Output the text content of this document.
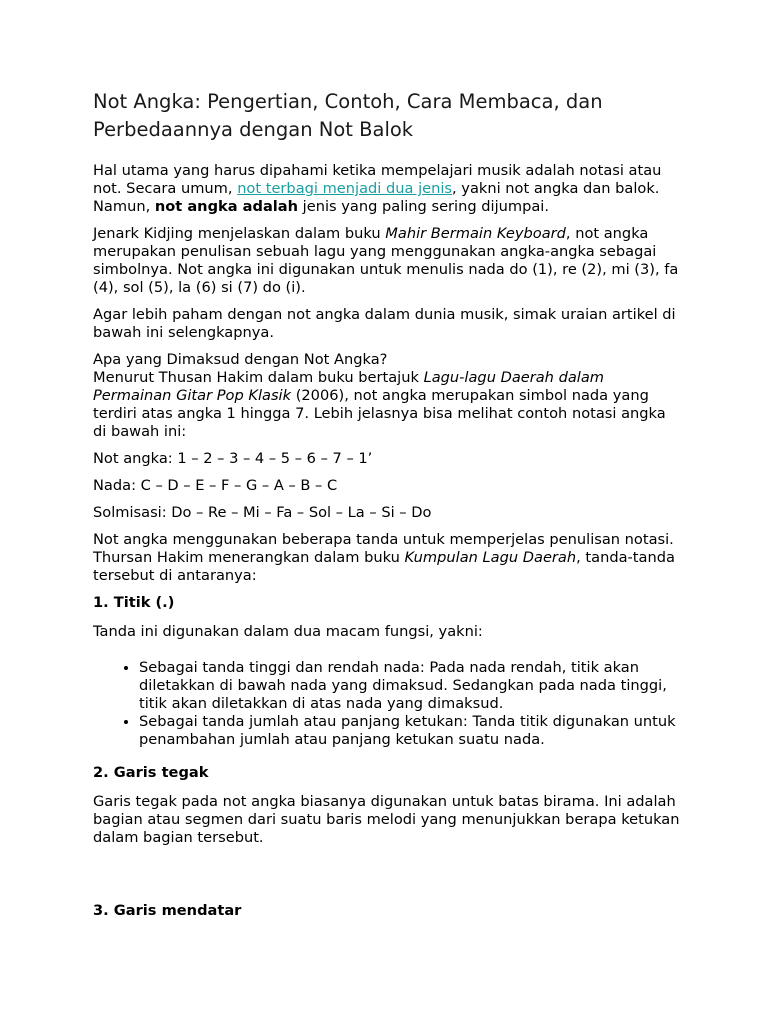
Not Angka: Pengertian, Contoh, Cara Membaca, dan Perbedaannya dengan Not Balok

Hal utama yang harus dipahami ketika mempelajari musik adalah notasi atau not. Secara umum, not terbagi menjadi dua jenis, yakni not angka dan balok. Namun, not angka adalah jenis yang paling sering dijumpai.

Jenark Kidjing menjelaskan dalam buku Mahir Bermain Keyboard, not angka merupakan penulisan sebuah lagu yang menggunakan angka-angka sebagai simbolnya. Not angka ini digunakan untuk menulis nada do (1), re (2), mi (3), fa (4), sol (5), la (6) si (7) do (i).

Agar lebih paham dengan not angka dalam dunia musik, simak uraian artikel di bawah ini selengkapnya.

Apa yang Dimaksud dengan Not Angka?

Menurut Thusan Hakim dalam buku bertajuk Lagu-lagu Daerah dalam Permainan Gitar Pop Klasik (2006), not angka merupakan simbol nada yang terdiri atas angka 1 hingga 7. Lebih jelasnya bisa melihat contoh notasi angka di bawah ini:

Not angka: 1 – 2 – 3 – 4 – 5 – 6 – 7 – 1’

Nada: C – D – E – F – G – A – B – C

Solmisasi: Do – Re – Mi – Fa – Sol – La – Si – Do

Not angka menggunakan beberapa tanda untuk memperjelas penulisan notasi. Thursan Hakim menerangkan dalam buku Kumpulan Lagu Daerah, tanda-tanda tersebut di antaranya:

1. Titik (.)

Tanda ini digunakan dalam dua macam fungsi, yakni:

• Sebagai tanda tinggi dan rendah nada: Pada nada rendah, titik akan diletakkan di bawah nada yang dimaksud. Sedangkan pada nada tinggi, titik akan diletakkan di atas nada yang dimaksud.
• Sebagai tanda jumlah atau panjang ketukan: Tanda titik digunakan untuk penambahan jumlah atau panjang ketukan suatu nada.
2. Garis tegak

Garis tegak pada not angka biasanya digunakan untuk batas birama. Ini adalah bagian atau segmen dari suatu baris melodi yang menunjukkan berapa ketukan dalam bagian tersebut.

3. Garis mendatar
